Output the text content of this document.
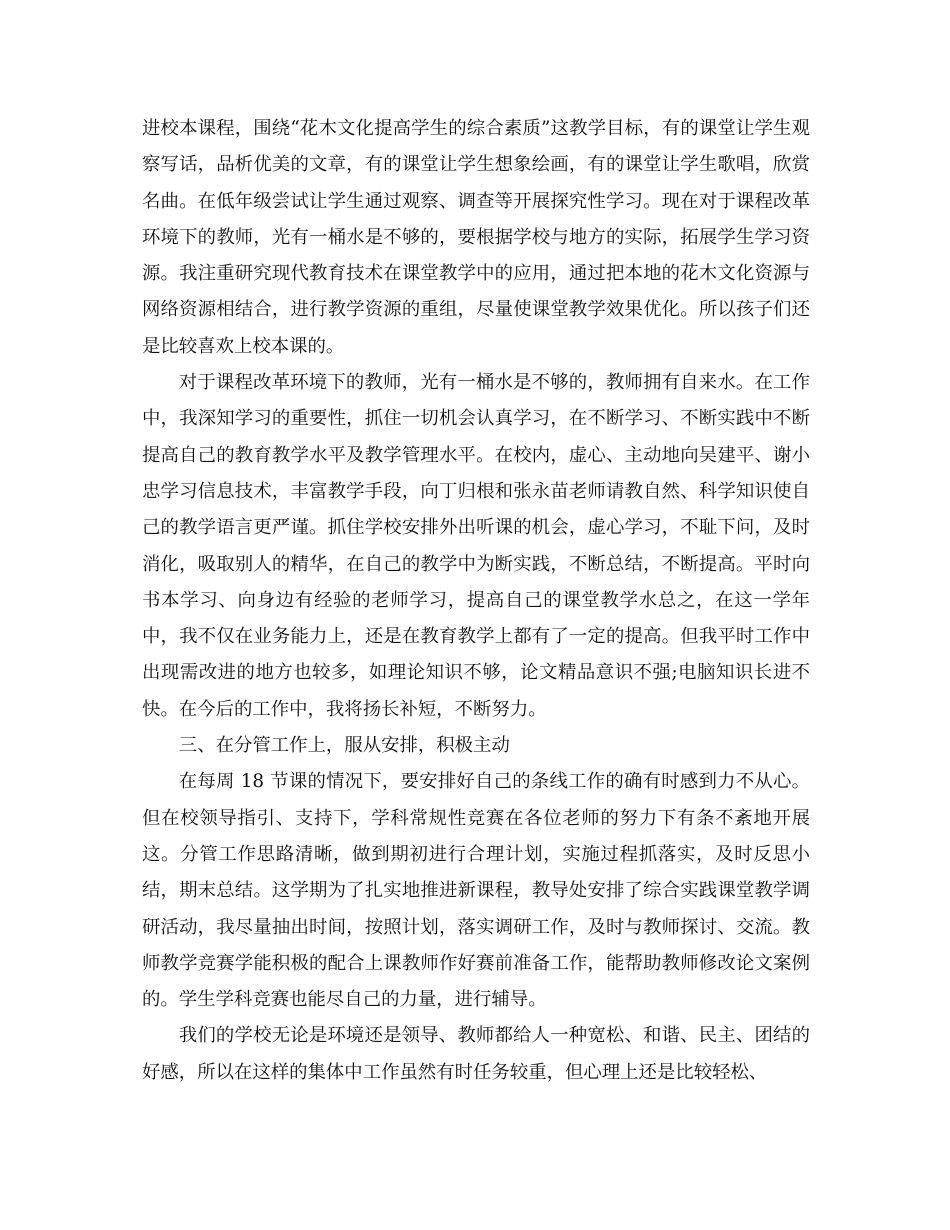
进校本课程，围绕“花木文化提高学生的综合素质”这教学目标，有的课堂让学生观察写话，品析优美的文章，有的课堂让学生想象绘画，有的课堂让学生歌唱，欣赏名曲。在低年级尝试让学生通过观察、调查等开展探究性学习。现在对于课程改革环境下的教师，光有一桶水是不够的，要根据学校与地方的实际，拓展学生学习资源。我注重研究现代教育技术在课堂教学中的应用，通过把本地的花木文化资源与网络资源相结合，进行教学资源的重组，尽量使课堂教学效果优化。所以孩子们还是比较喜欢上校本课的。

对于课程改革环境下的教师，光有一桶水是不够的，教师拥有自来水。在工作中，我深知学习的重要性，抓住一切机会认真学习，在不断学习、不断实践中不断提高自己的教育教学水平及教学管理水平。在校内，虚心、主动地向吴建平、谢小忠学习信息技术，丰富教学手段，向丁归根和张永苗老师请教自然、科学知识使自己的教学语言更严谨。抓住学校安排外出听课的机会，虚心学习，不耻下问，及时消化，吸取别人的精华，在自己的教学中为断实践，不断总结，不断提高。平时向书本学习、向身边有经验的老师学习，提高自己的课堂教学水总之，在这一学年中，我不仅在业务能力上，还是在教育教学上都有了一定的提高。但我平时工作中出现需改进的地方也较多，如理论知识不够，论文精品意识不强;电脑知识长进不快。在今后的工作中，我将扬长补短，不断努力。

三、在分管工作上，服从安排，积极主动

在每周 18 节课的情况下，要安排好自己的条线工作的确有时感到力不从心。但在校领导指引、支持下，学科常规性竞赛在各位老师的努力下有条不紊地开展这。分管工作思路清晰，做到期初进行合理计划，实施过程抓落实，及时反思小结，期末总结。这学期为了扎实地推进新课程，教导处安排了综合实践课堂教学调研活动，我尽量抽出时间，按照计划，落实调研工作，及时与教师探讨、交流。教师教学竞赛学能积极的配合上课教师作好赛前准备工作，能帮助教师修改论文案例的。学生学科竞赛也能尽自己的力量，进行辅导。

我们的学校无论是环境还是领导、教师都给人一种宽松、和谐、民主、团结的好感，所以在这样的集体中工作虽然有时任务较重，但心理上还是比较轻松、
